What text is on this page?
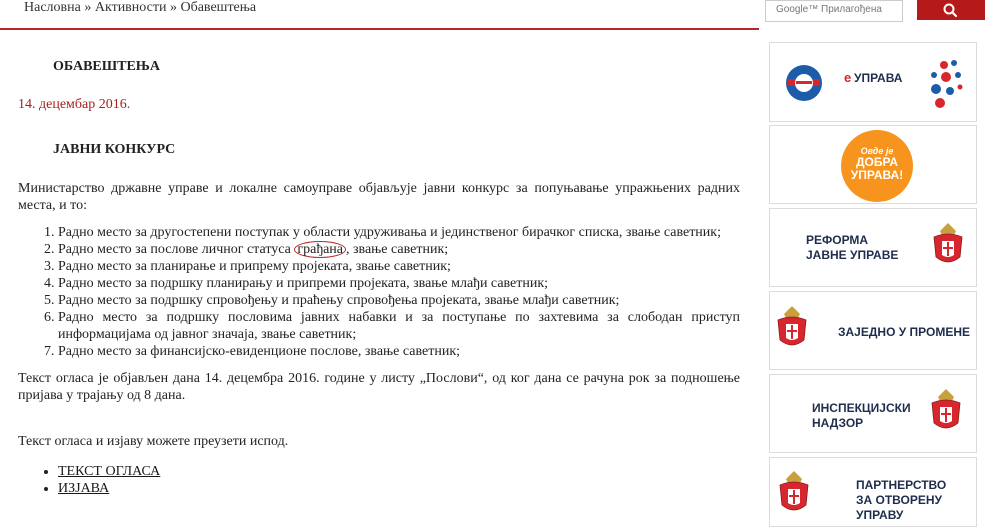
Насловна » Активности » Обавештења	Google™ Прилагођена
ОБАВЕШТЕЊА
14. децембар 2016.
ЈАВНИ КОНКУРС
Министарство државне управе и локалне самоуправе објављује јавни конкурс за попуњавање упражњених радних места, и то:
1. Радно место за другостепени поступак у области удруживања и јединственог бирачког списка, звање саветник;
2. Радно место за послове личног статуса грађана , звање саветник;
3. Радно место за планирање и припрему пројеката, звање саветник;
4. Радно место за подршку планирању и припреми пројеката, звање млађи саветник;
5. Радно место за подршку спровођењу и праћењу спровођења пројеката, звање млађи саветник;
6. Радно место за подршку пословима јавних набавки и за поступање по захтевима за слободан приступ информацијама од јавног значаја, звање саветник;
7. Радно место за финансијско-евиденционе послове, звање саветник;
Текст огласа је објављен дана 14. децембра 2016. године у листу „Послови“, од ког дана се рачуна рок за подношење пријава у трајању од 8 дана.
Текст огласа и изјаву можете преузети испод.
• ТЕКСТ ОГЛАСА
• ИЗЈАВА
е УПРАВА
Овде је
ДОБРА
УПРАВА!
РЕФОРМА
ЈАВНЕ УПРАВЕ
ЗАЈЕДНО У ПРОМЕНЕ
ИНСПЕКЦИЈСКИ
НАДЗОР
ПАРТНЕРСТВО
ЗА ОТВОРЕНУ
УПРАВУ
